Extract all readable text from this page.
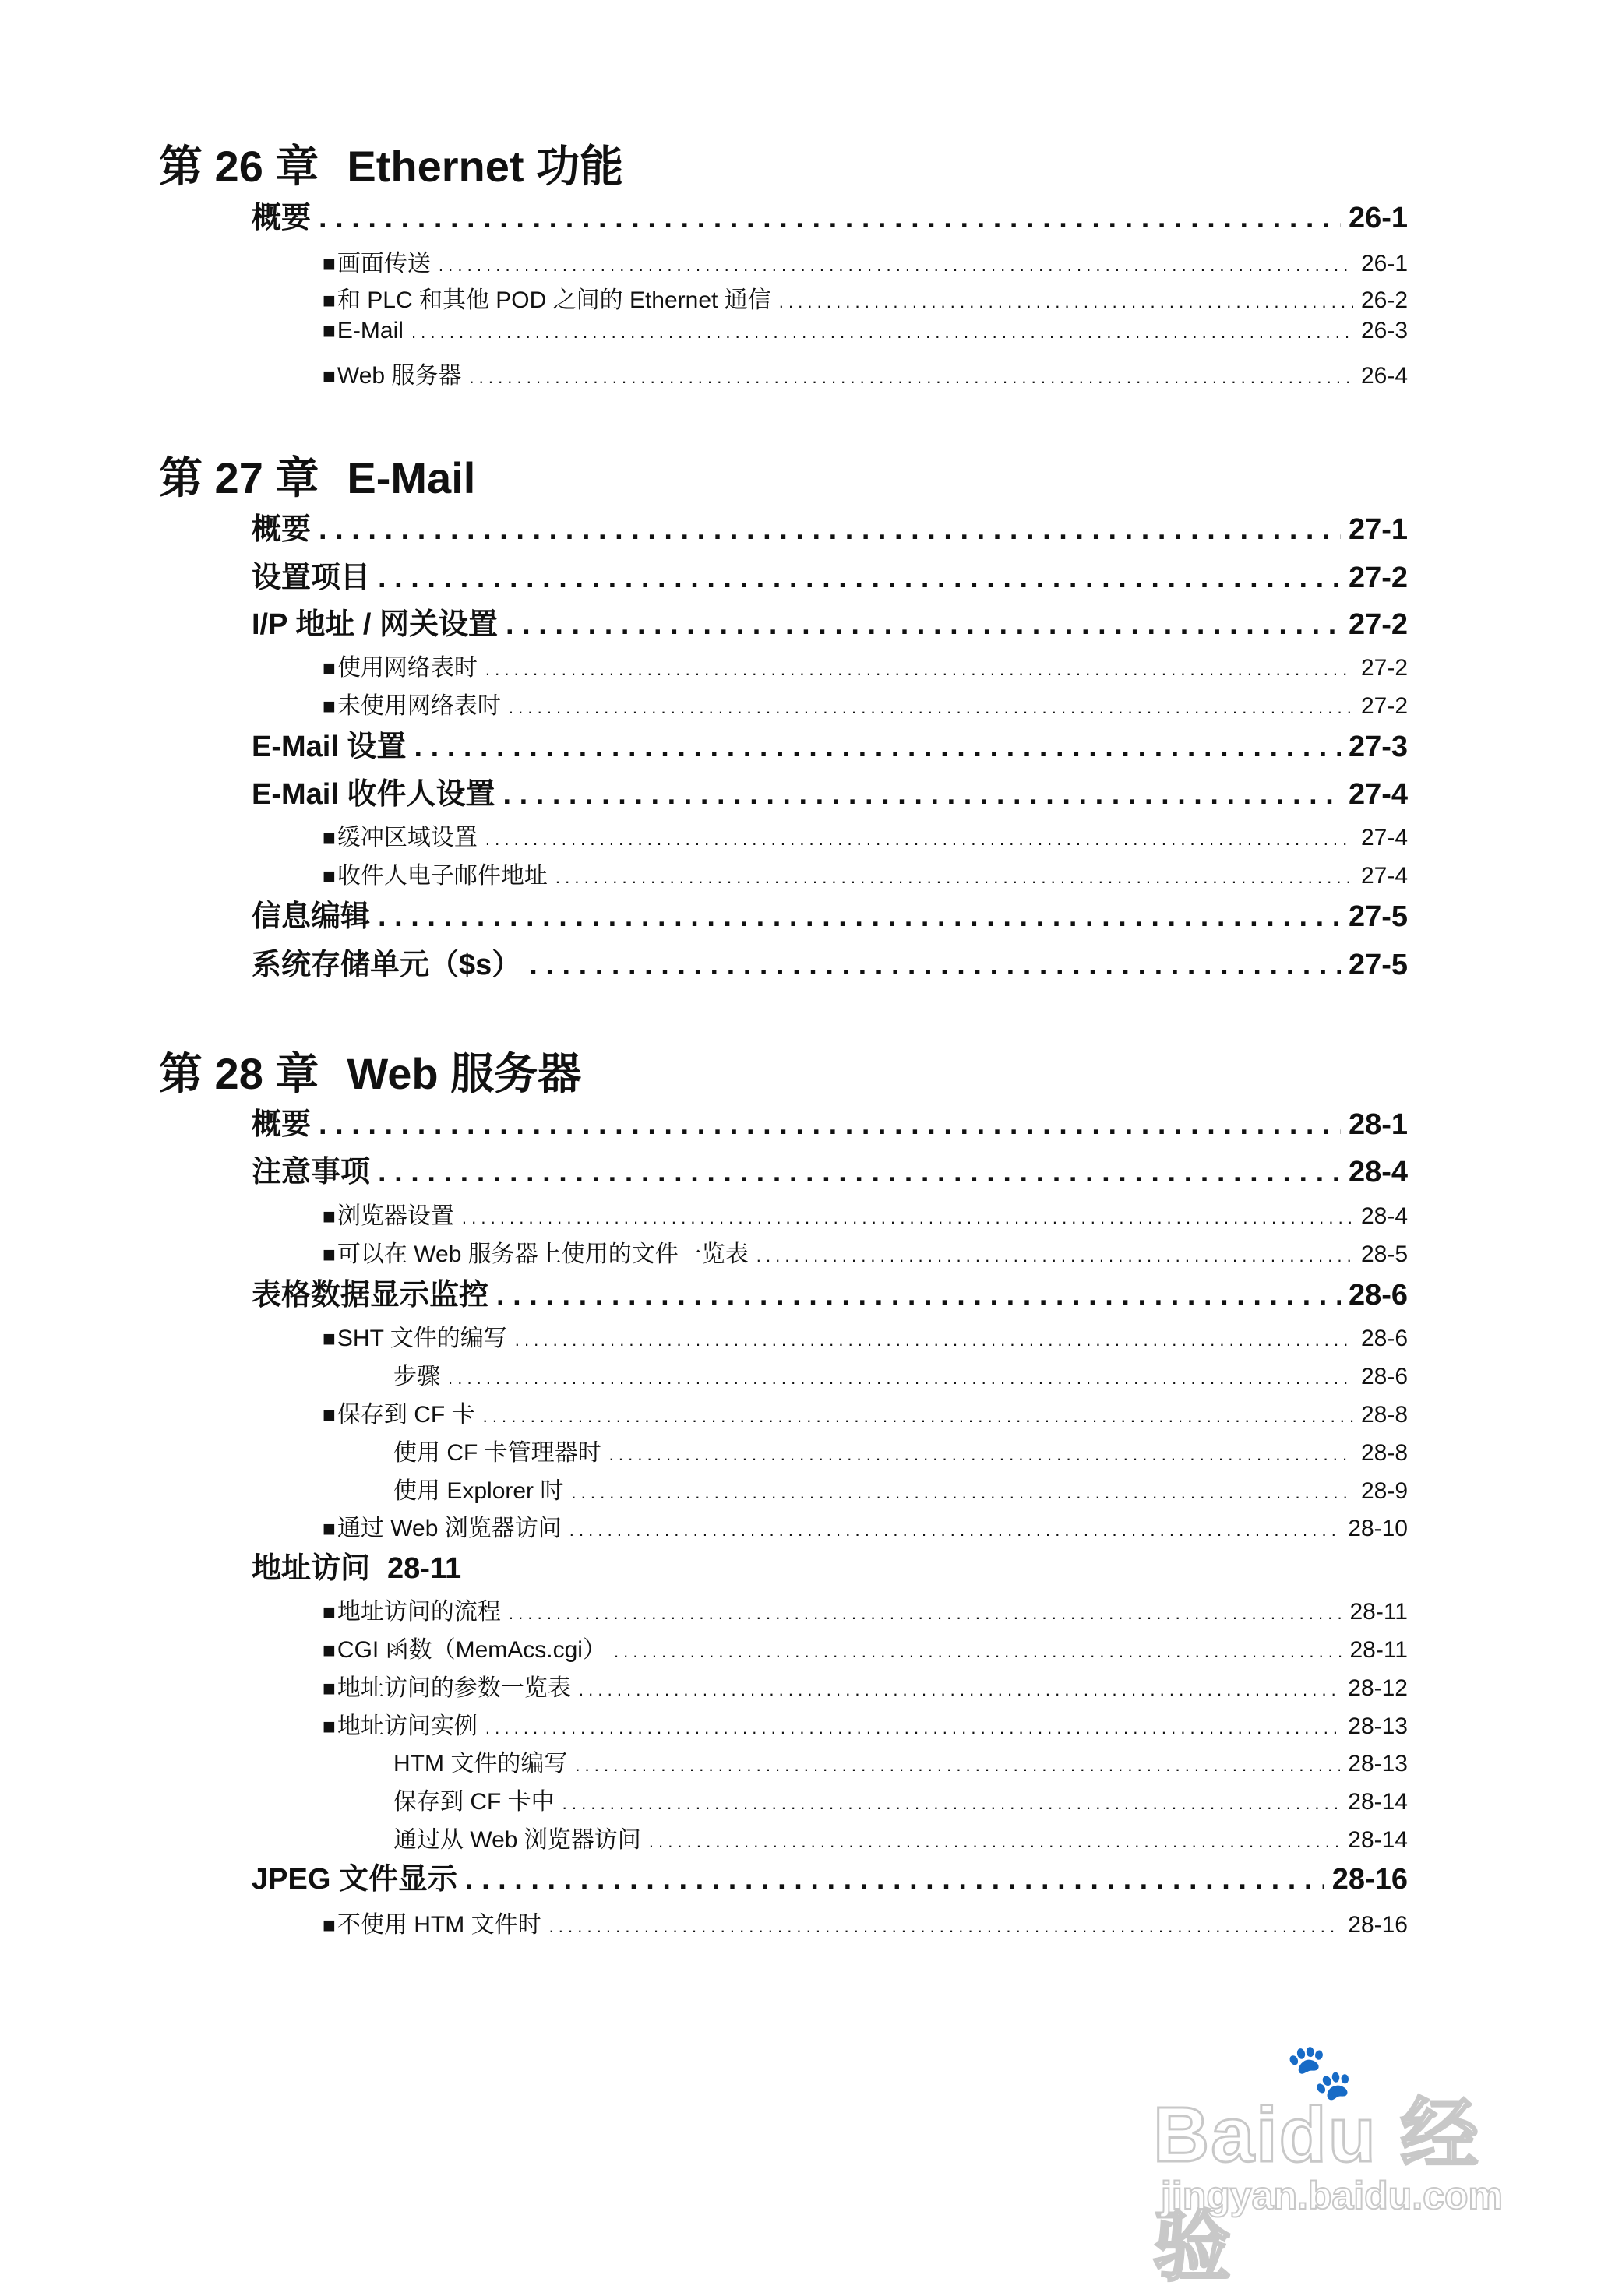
第 26 章 Ethernet 功能
概要 . . .	26-1
■ 画面传送 . . .	26-1
■ 和 PLC 和其他 POD 之间的 Ethernet 通信 . . .	26-2
■ E-Mail . . .	26-3
■ Web 服务器 . . .	26-4
第 27 章 E-Mail
概要 . . .	27-1
设置项目 . . .	27-2
I/P 地址 / 网关设置 . . .	27-2
■ 使用网络表时 . . .	27-2
■ 未使用网络表时 . . .	27-2
E-Mail 设置 . . .	27-3
E-Mail 收件人设置 . . .	27-4
■ 缓冲区域设置 . . .	27-4
■ 收件人电子邮件地址 . . .	27-4
信息编辑 . . .	27-5
系统存储单元（$s） . . .	27-5
第 28 章 Web 服务器
概要 . . .	28-1
注意事项 . . .	28-4
■ 浏览器设置 . . .	28-4
■ 可以在 Web 服务器上使用的文件一览表 . . .	28-5
表格数据显示监控 . . .	28-6
■ SHT 文件的编写 . . .	28-6
步骤 . . .	28-6
■ 保存到 CF 卡 . . .	28-8
使用 CF 卡管理器时 . . .	28-8
使用 Explorer 时 . . .	28-9
■ 通过 Web 浏览器访问 . . .	28-10
地址访问 28-11
■ 地址访问的流程 . . .	28-11
■ CGI 函数（MemAcs.cgi） . . .	28-11
■ 地址访问的参数一览表 . . .	28-12
■ 地址访问实例 . . .	28-13
HTM 文件的编写 . . .	28-13
保存到 CF 卡中 . . .	28-14
通过从 Web 浏览器访问 . . .	28-14
JPEG 文件显示 . . .	28-16
■ 不使用 HTM 文件时 . . .	28-16
🐾
Baidu 经验
jingyan.baidu.com
